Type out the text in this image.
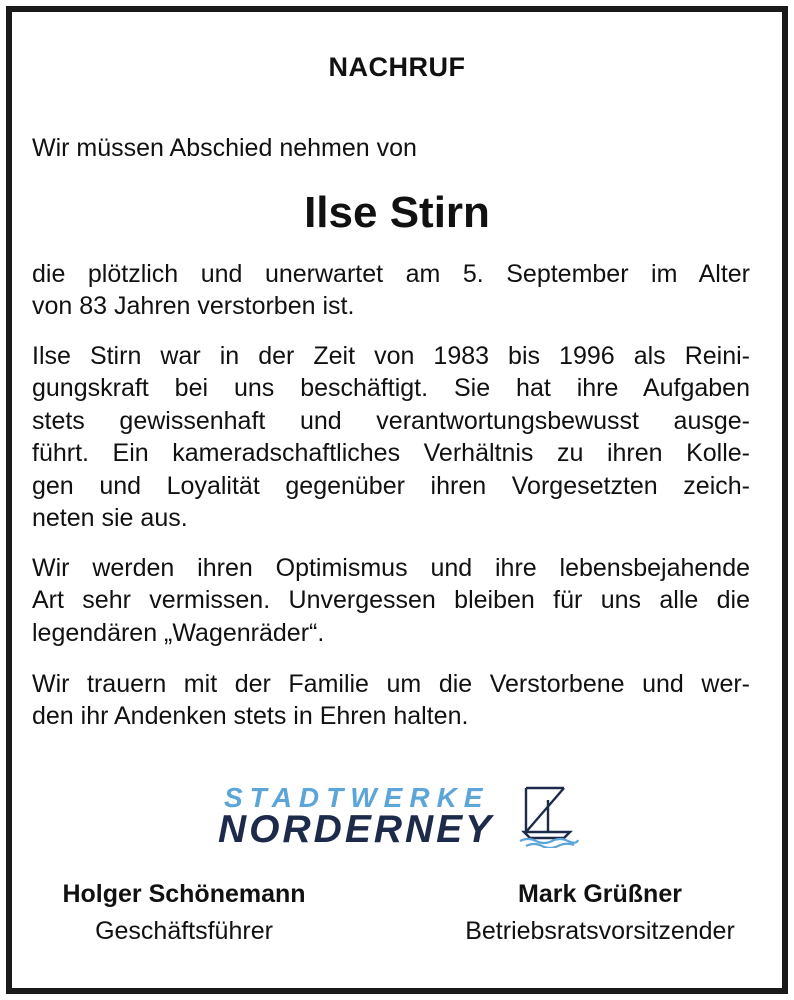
NACHRUF
Wir müssen Abschied nehmen von
Ilse Stirn
die plötzlich und unerwartet am 5. September im Alter
von 83 Jahren verstorben ist.
Ilse Stirn war in der Zeit von 1983 bis 1996 als Reini-
gungskraft bei uns beschäftigt. Sie hat ihre Aufgaben
stets gewissenhaft und verantwortungsbewusst ausge-
führt. Ein kameradschaftliches Verhältnis zu ihren Kolle-
gen und Loyalität gegenüber ihren Vorgesetzten zeich-
neten sie aus.
Wir werden ihren Optimismus und ihre lebensbejahende
Art sehr vermissen. Unvergessen bleiben für uns alle die
legendären „Wagenräder“.
Wir trauern mit der Familie um die Verstorbene und wer-
den ihr Andenken stets in Ehren halten.
STADTWERKE
NORDERNEY
Holger Schönemann
Geschäftsführer
Mark Grüßner
Betriebsratsvorsitzender
